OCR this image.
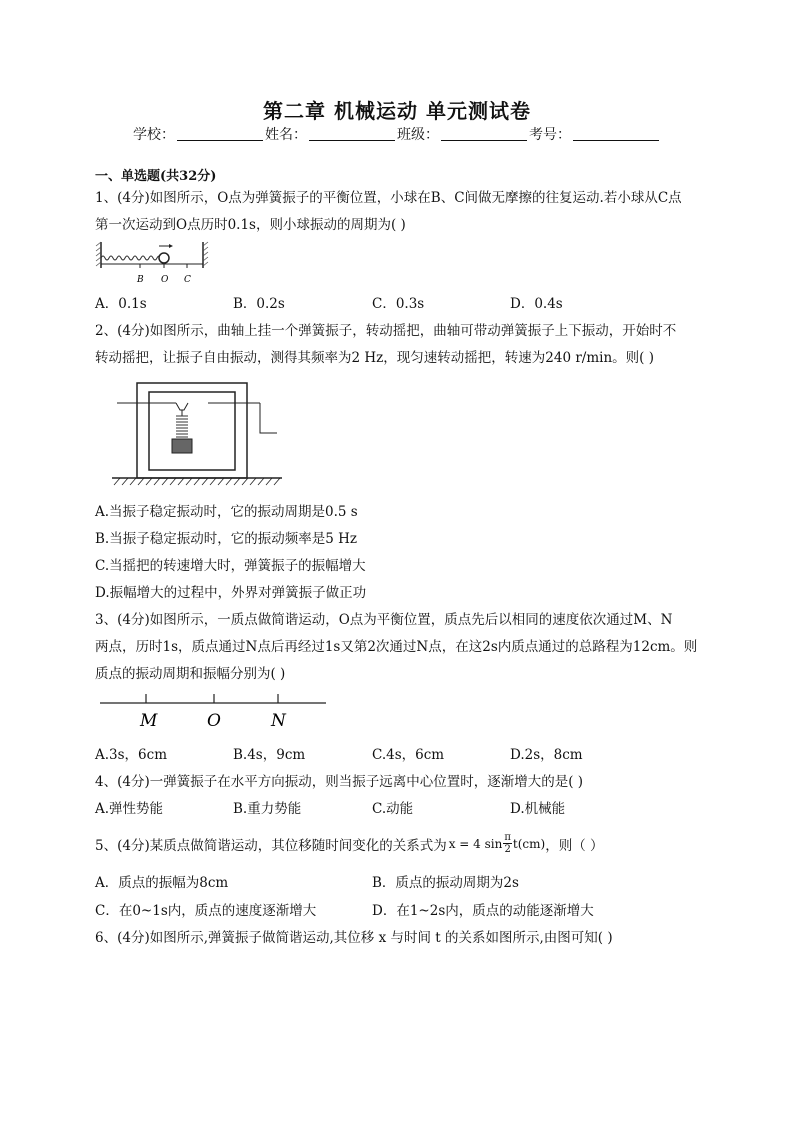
第二章 机械运动 单元测试卷
学校：	姓名：	班级：	考号：
一、单选题(共32分)
1、(4分)如图所示，O点为弹簧振子的平衡位置，小球在B、C间做无摩擦的往复运动.若小球从C点
第一次运动到O点历时0.1s，则小球振动的周期为( )
B O C
A．0.1s	B．0.2s	C．0.3s	D．0.4s
2、(4分)如图所示，曲轴上挂一个弹簧振子，转动摇把，曲轴可带动弹簧振子上下振动，开始时不
转动摇把，让振子自由振动，测得其频率为2 Hz，现匀速转动摇把，转速为240 r/min。则( )
A.当振子稳定振动时，它的振动周期是0.5 s
B.当振子稳定振动时，它的振动频率是5 Hz
C.当摇把的转速增大时，弹簧振子的振幅增大
D.振幅增大的过程中，外界对弹簧振子做正功
3、(4分)如图所示，一质点做简谐运动，O点为平衡位置，质点先后以相同的速度依次通过M、N
两点，历时1s，质点通过N点后再经过1s又第2次通过N点，在这2s内质点通过的总路程为12cm。则
质点的振动周期和振幅分别为( )
M	O	N
A.3s，6cm	B.4s，9cm	C.4s，6cm	D.2s，8cm
4、(4分)一弹簧振子在水平方向振动，则当振子远离中心位置时，逐渐增大的是( )
A.弹性势能	B.重力势能	C.动能	D.机械能
5、(4分)某质点做简谐运动，其位移随时间变化的关系式为 x = 4 $\sin \frac{\pi}{2} t(cm)$ ，则（ ）
A．质点的振幅为8cm	B．质点的振动周期为2s
C．在0~1s内，质点的速度逐渐增大	D．在1~2s内，质点的动能逐渐增大
6、(4分)如图所示,弹簧振子做简谐运动,其位移 x 与时间 t 的关系如图所示,由图可知( )
